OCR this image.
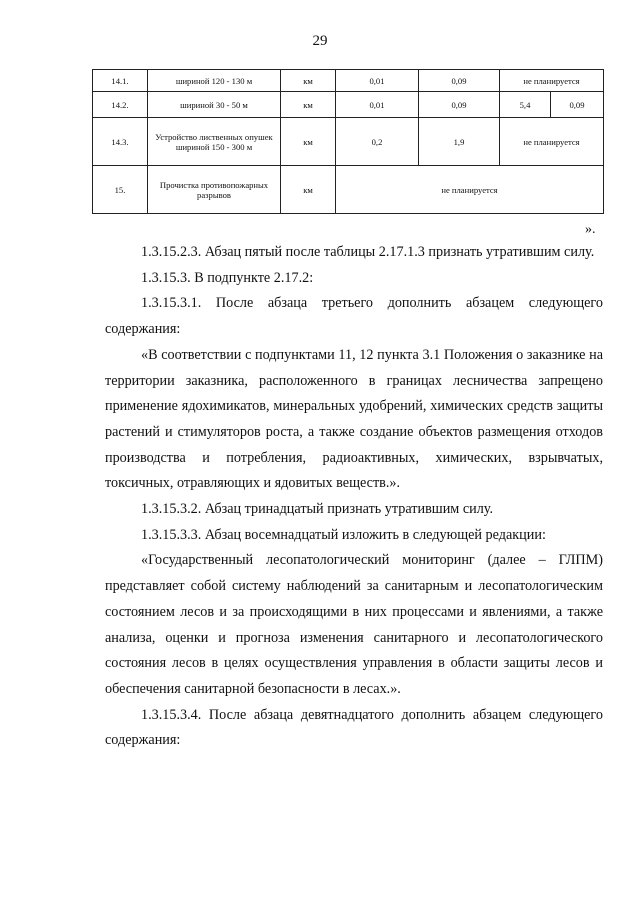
29
14.1.	шириной 120 - 130 м	км	0,01	0,09	не планируется	
14.2.	шириной 30 - 50 м	км	0,01	0,09	5,4	0,09
14.3.	Устройство лиственных опушек шириной 150 - 300 м	км	0,2	1,9	не планируется	
15.	Прочистка противопожарных разрывов	км	не планируется			
».

1.3.15.2.3. Абзац пятый после таблицы 2.17.1.3 признать утратившим силу.

1.3.15.3. В подпункте 2.17.2:

1.3.15.3.1. После абзаца третьего дополнить абзацем следующего содержания:

«В соответствии с подпунктами 11, 12 пункта 3.1 Положения о заказнике на территории заказника, расположенного в границах лесничества запрещено применение ядохимикатов, минеральных удобрений, химических средств защиты растений и стимуляторов роста, а также создание объектов размещения отходов производства и потребления, радиоактивных, химических, взрывчатых, токсичных, отравляющих и ядовитых веществ.».

1.3.15.3.2. Абзац тринадцатый признать утратившим силу.

1.3.15.3.3. Абзац восемнадцатый изложить в следующей редакции:

«Государственный лесопатологический мониторинг (далее – ГЛПМ) представляет собой систему наблюдений за санитарным и лесопатологическим состоянием лесов и за происходящими в них процессами и явлениями, а также анализа, оценки и прогноза изменения санитарного и лесопатологического состояния лесов в целях осуществления управления в области защиты лесов и обеспечения санитарной безопасности в лесах.».

1.3.15.3.4. После абзаца девятнадцатого дополнить абзацем следующего содержания:
